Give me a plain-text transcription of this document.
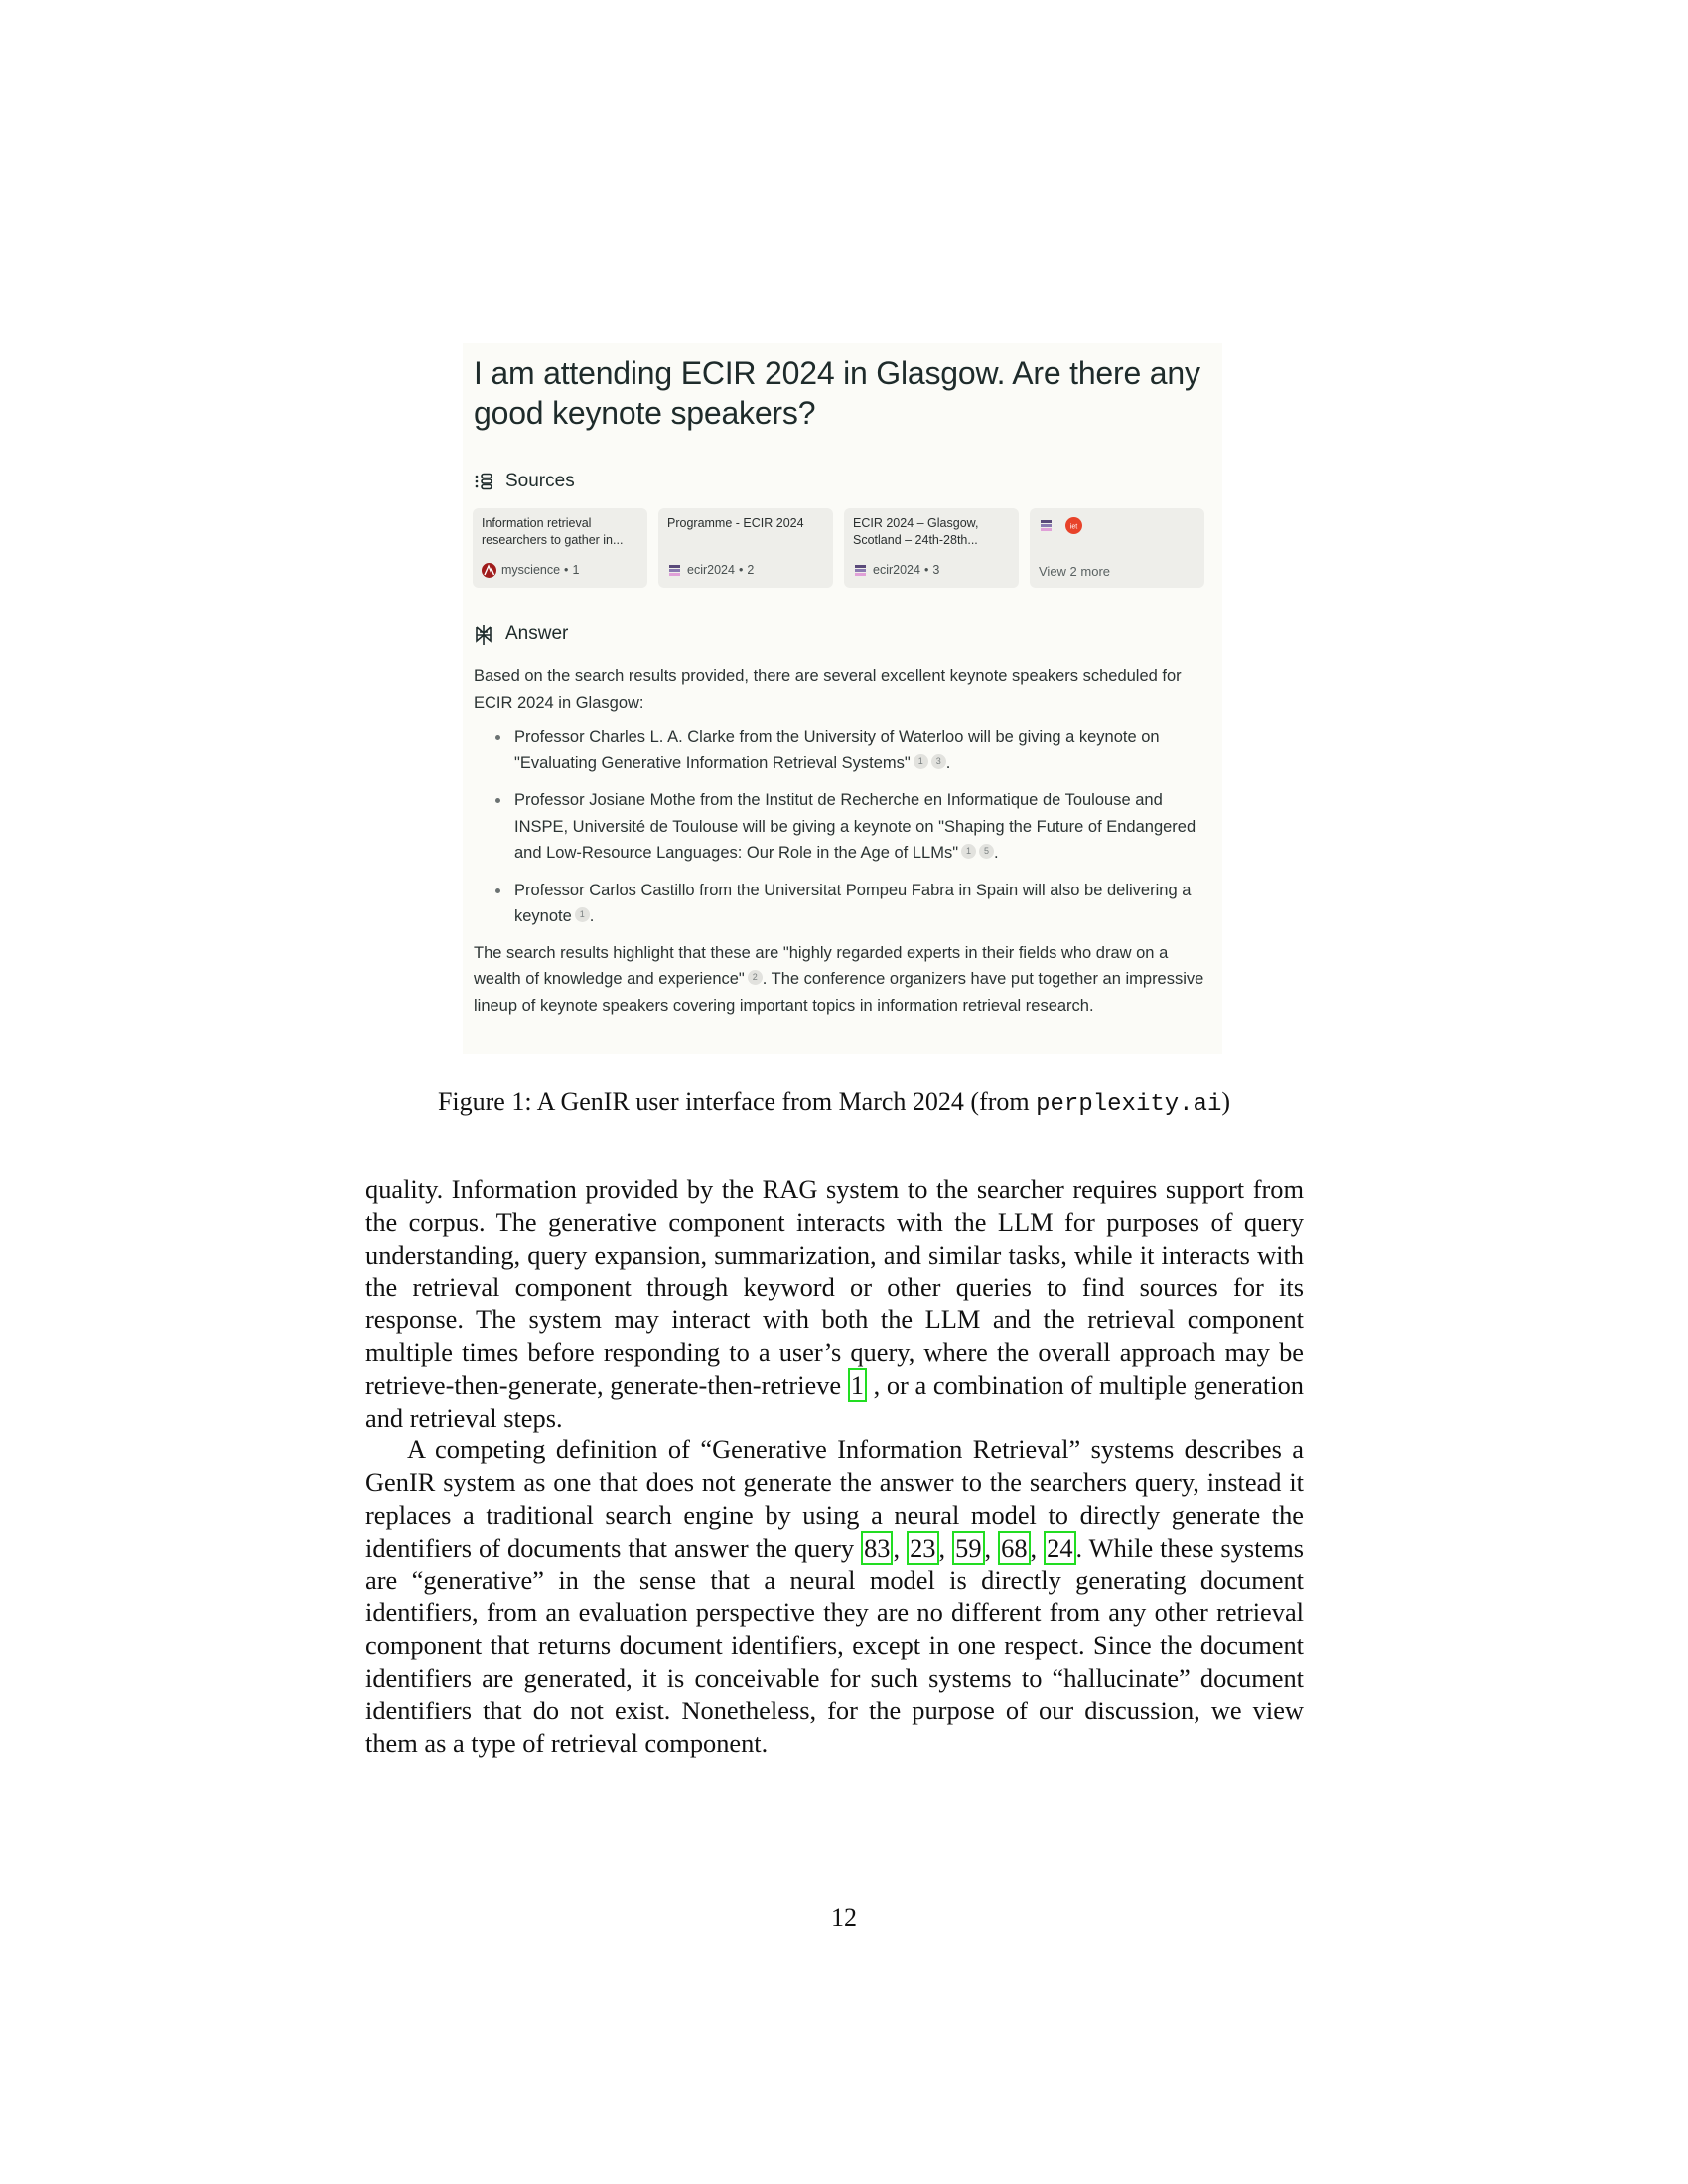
I am attending ECIR 2024 in Glasgow. Are there any good keynote speakers?
Sources
Information retrieval researchers to gather in...
myscience • 1
Programme - ECIR 2024
ecir2024 • 2
ECIR 2024 – Glasgow, Scotland – 24th-28th...
ecir2024 • 3
iet
View 2 more
Answer

Based on the search results provided, there are several excellent keynote speakers scheduled for ECIR 2024 in Glasgow:

Professor Charles L. A. Clarke from the University of Waterloo will be giving a keynote on "Evaluating Generative Information Retrieval Systems" 1 3 .
Professor Josiane Mothe from the Institut de Recherche en Informatique de Toulouse and INSPE, Université de Toulouse will be giving a keynote on "Shaping the Future of Endangered and Low-Resource Languages: Our Role in the Age of LLMs" 1 5 .
Professor Carlos Castillo from the Universitat Pompeu Fabra in Spain will also be delivering a keynote 1 .

The search results highlight that these are "highly regarded experts in their fields who draw on a wealth of knowledge and experience" 2 . The conference organizers have put together an impressive lineup of keynote speakers covering important topics in information retrieval research.

Figure 1: A GenIR user interface from March 2024 (from perplexity.ai)

quality. Information provided by the RAG system to the searcher requires support from the corpus. The generative component interacts with the LLM for purposes of query understanding, query expansion, summarization, and similar tasks, while it interacts with the retrieval component through keyword or other queries to find sources for its response. The system may interact with both the LLM and the retrieval component multiple times before responding to a user’s query, where the overall approach may be retrieve-then-generate, generate-then-retrieve 1 , or a combination of multiple generation and retrieval steps.

A competing definition of “Generative Information Retrieval” systems describes a GenIR system as one that does not generate the answer to the searchers query, instead it replaces a traditional search engine by using a neural model to directly generate the identifiers of documents that answer the query 83 , 23 , 59 , 68 , 24 . While these systems are “generative” in the sense that a neural model is directly generating document identifiers, from an evaluation perspective they are no different from any other retrieval component that returns document identifiers, except in one respect. Since the document identifiers are generated, it is conceivable for such systems to “hallucinate” document identifiers that do not exist. Nonetheless, for the purpose of our discussion, we view them as a type of retrieval component.

12
